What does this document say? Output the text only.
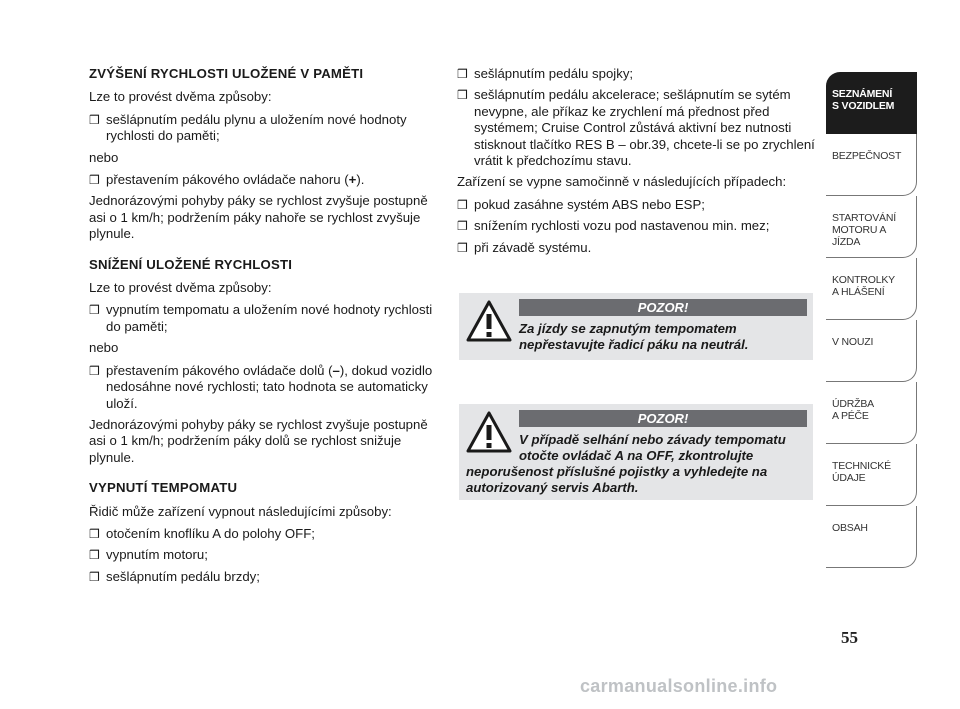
ZVÝŠENÍ RYCHLOSTI ULOŽENÉ V PAMĚTI

Lze to provést dvěma způsoby:

❒ sešlápnutím pedálu plynu a uložením nové hodnoty rychlosti do paměti;

nebo

❒ přestavením pákového ovládače nahoru (+).

Jednorázovými pohyby páky se rychlost zvyšuje postupně asi o 1 km/h; podržením páky nahoře se rychlost zvyšuje plynule.

SNÍŽENÍ ULOŽENÉ RYCHLOSTI

Lze to provést dvěma způsoby:

❒ vypnutím tempomatu a uložením nové hodnoty rychlosti do paměti;

nebo

❒ přestavením pákového ovládače dolů (–), dokud vozidlo nedosáhne nové rychlosti; tato hodnota se automaticky uloží.

Jednorázovými pohyby páky se rychlost zvyšuje postupně asi o 1 km/h; podržením páky dolů se rychlost snižuje plynule.

VYPNUTÍ TEMPOMATU

Řidič může zařízení vypnout následujícími způsoby:

❒ otočením knoflíku A do polohy OFF;
❒ vypnutím motoru;
❒ sešlápnutím pedálu brzdy;
❒ sešlápnutím pedálu spojky;
❒ sešlápnutím pedálu akcelerace; sešlápnutím se sytém nevypne, ale příkaz ke zrychlení má přednost před systémem; Cruise Control zůstává aktivní bez nutnosti stisknout tlačítko RES B – obr.39, chcete-li se po zrychlení vrátit k předchozímu stavu.

Zařízení se vypne samočinně v následujících případech:

❒ pokud zasáhne systém ABS nebo ESP;
❒ snížením rychlosti vozu pod nastavenou min. mez;
❒ při závadě systému.
POZOR!
Za jízdy se zapnutým tempomatem nepřestavujte řadicí páku na neutrál.
POZOR!
V případě selhání nebo závady tempomatu otočte ovládač A na OFF, zkontrolujte
neporušenost příslušné pojistky a vyhledejte na autorizovaný servis Abarth.
SEZNÁMENÍ
S VOZIDLEM
BEZPEČNOST
STARTOVÁNÍ
MOTORU A JÍZDA
KONTROLKY
A HLÁŠENÍ
V NOUZI
ÚDRŽBA
A PÉČE
TECHNICKÉ
ÚDAJE
OBSAH
55
carmanualsonline.info
